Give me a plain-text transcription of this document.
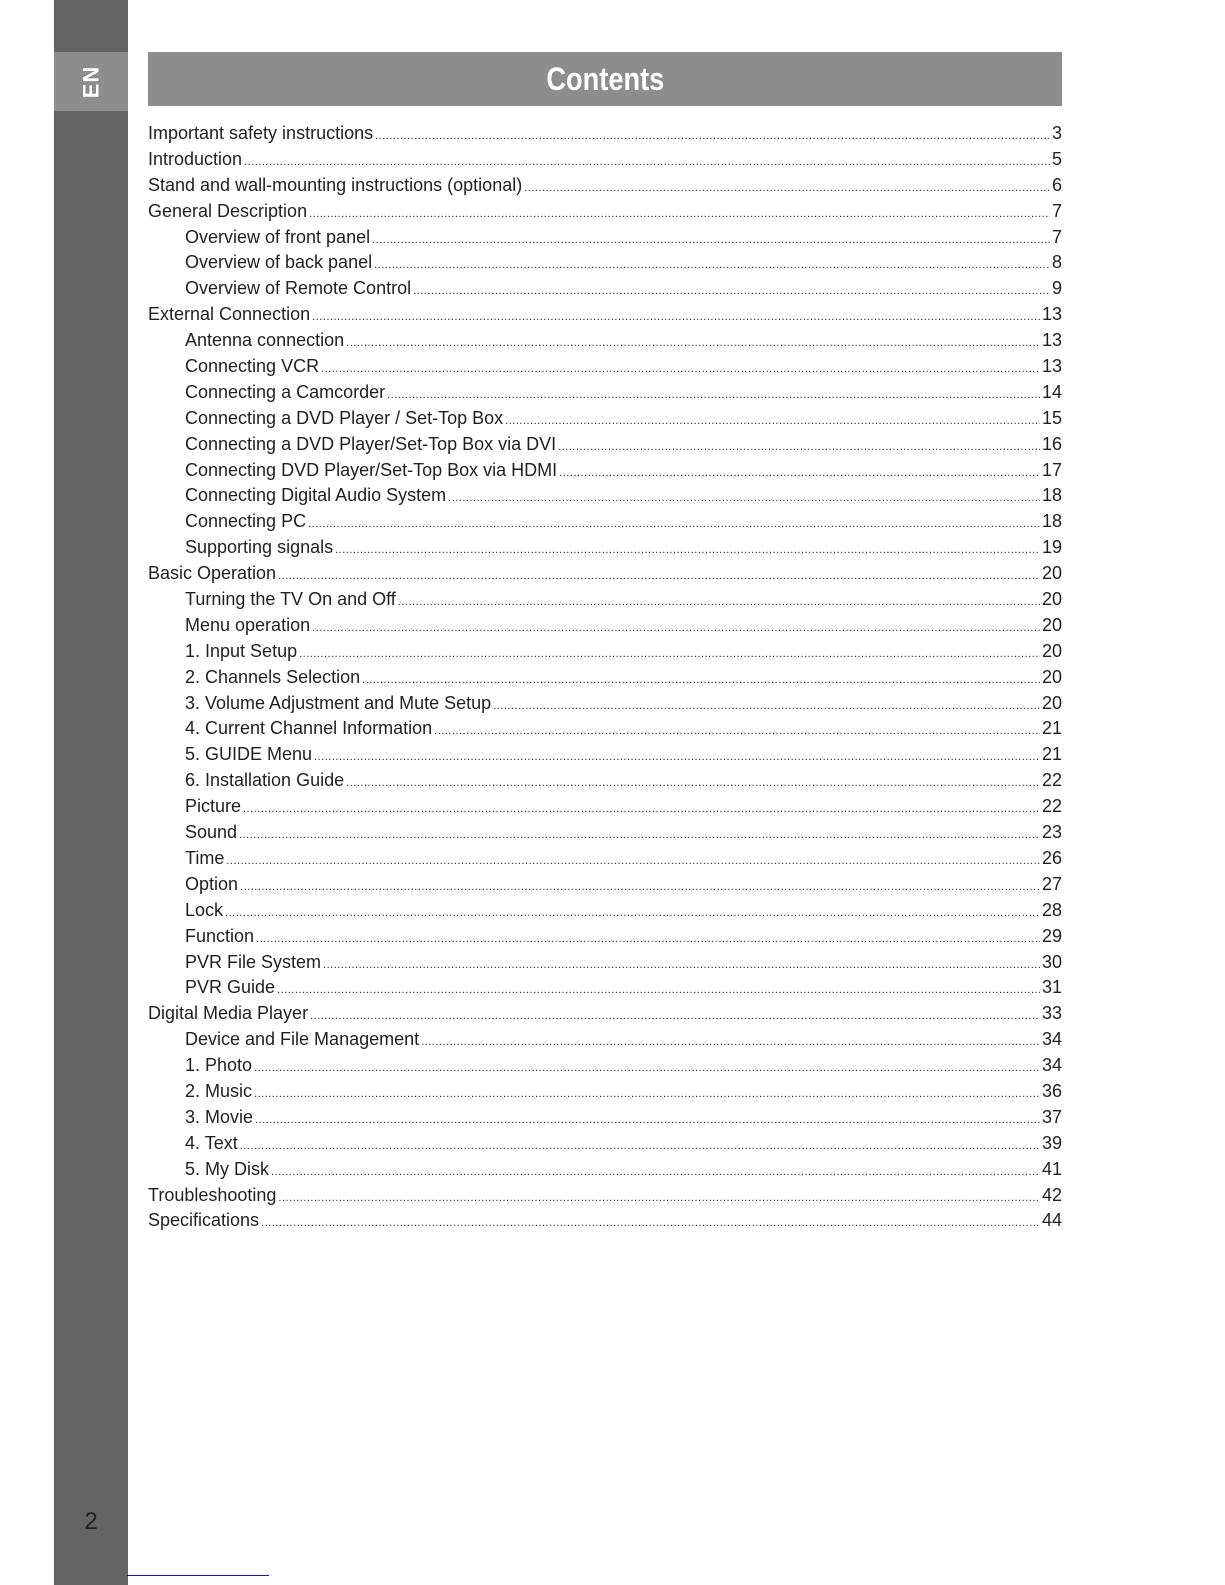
EN
2
Contents
Important safety instructions .....	3
Introduction .....	5
Stand and wall-mounting instructions (optional) .....	6
General Description .....	7
Overview of front panel .....	7
Overview of back panel .....	8
Overview of Remote Control .....	9
External Connection .....	13
Antenna connection .....	13
Connecting VCR .....	13
Connecting a Camcorder .....	14
Connecting a DVD Player / Set-Top Box .....	15
Connecting a DVD Player/Set-Top Box via DVI .....	16
Connecting DVD Player/Set-Top Box via HDMI .....	17
Connecting Digital Audio System .....	18
Connecting PC .....	18
Supporting signals .....	19
Basic Operation .....	20
Turning the TV On and Off .....	20
Menu operation .....	20
1. Input Setup .....	20
2. Channels Selection .....	20
3. Volume Adjustment and Mute Setup .....	20
4. Current Channel Information .....	21
5. GUIDE Menu .....	21
6. Installation Guide .....	22
Picture .....	22
Sound .....	23
Time .....	26
Option .....	27
Lock .....	28
Function .....	29
PVR File System .....	30
PVR Guide .....	31
Digital Media Player .....	33
Device and File Management .....	34
1. Photo .....	34
2. Music .....	36
3. Movie .....	37
4. Text .....	39
5. My Disk .....	41
Troubleshooting .....	42
Specifications .....	44
